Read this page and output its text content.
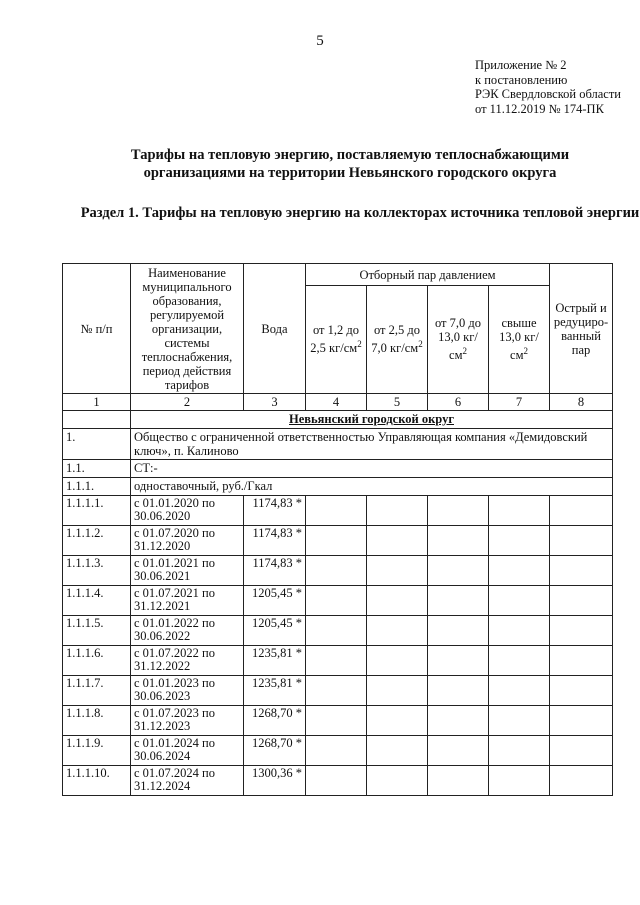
5
Приложение № 2
к постановлению
РЭК Свердловской области
от 11.12.2019 № 174-ПК
Тарифы на тепловую энергию, поставляемую теплоснабжающими организациями на территории Невьянского городского округа
Раздел 1. Тарифы на тепловую энергию на коллекторах источника тепловой энергии
№ п/п	Наименование муниципального образования, регулируемой организации, системы теплоснабжения, период действия тарифов	Вода	Отборный пар давлением				Острый и редуциро-ванный пар
			от 1,2 до 2,5 $кг/см^2$	от 2,5 до 7,0 $кг/см^2$	от 7,0 до 13,0 $кг/см^2$	свыше 13,0 $кг/см^2$
1	2	3	4	5	6	7	8
	Невьянский городской округ						
1.	Общество с ограниченной ответственностью Управляющая компания «Демидовский ключ», п. Калиново						
1.1.	СТ:-						
1.1.1.	одноставочный, руб./Гкал						
1.1.1.1.	с 01.01.2020 по 30.06.2020	1174,83 *					
1.1.1.2.	с 01.07.2020 по 31.12.2020	1174,83 *					
1.1.1.3.	с 01.01.2021 по 30.06.2021	1174,83 *					
1.1.1.4.	с 01.07.2021 по 31.12.2021	1205,45 *					
1.1.1.5.	с 01.01.2022 по 30.06.2022	1205,45 *					
1.1.1.6.	с 01.07.2022 по 31.12.2022	1235,81 *					
1.1.1.7.	с 01.01.2023 по 30.06.2023	1235,81 *					
1.1.1.8.	с 01.07.2023 по 31.12.2023	1268,70 *					
1.1.1.9.	с 01.01.2024 по 30.06.2024	1268,70 *					
1.1.1.10.	с 01.07.2024 по 31.12.2024	1300,36 *					
